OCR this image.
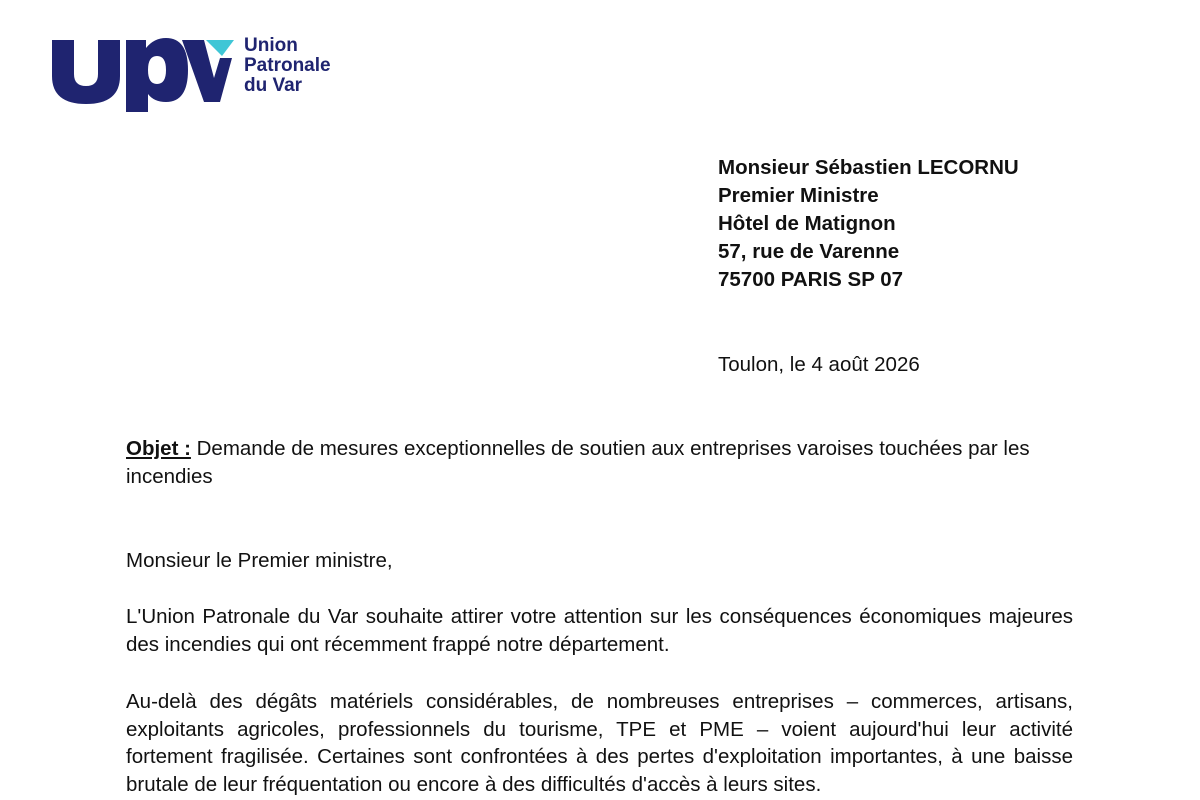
Union
Patronale
du Var
Monsieur Sébastien LECORNU
Premier Ministre
Hôtel de Matignon
57, rue de Varenne
75700 PARIS SP 07
Toulon, le 4 août 2026
Objet : Demande de mesures exceptionnelles de soutien aux entreprises varoises touchées par les incendies
Monsieur le Premier ministre,
L'Union Patronale du Var souhaite attirer votre attention sur les conséquences économiques majeures des incendies qui ont récemment frappé notre département.
Au-delà des dégâts matériels considérables, de nombreuses entreprises – commerces, artisans, exploitants agricoles, professionnels du tourisme, TPE et PME – voient aujourd'hui leur activité fortement fragilisée. Certaines sont confrontées à des pertes d'exploitation importantes, à une baisse brutale de leur fréquentation ou encore à des difficultés d'accès à leurs sites.
